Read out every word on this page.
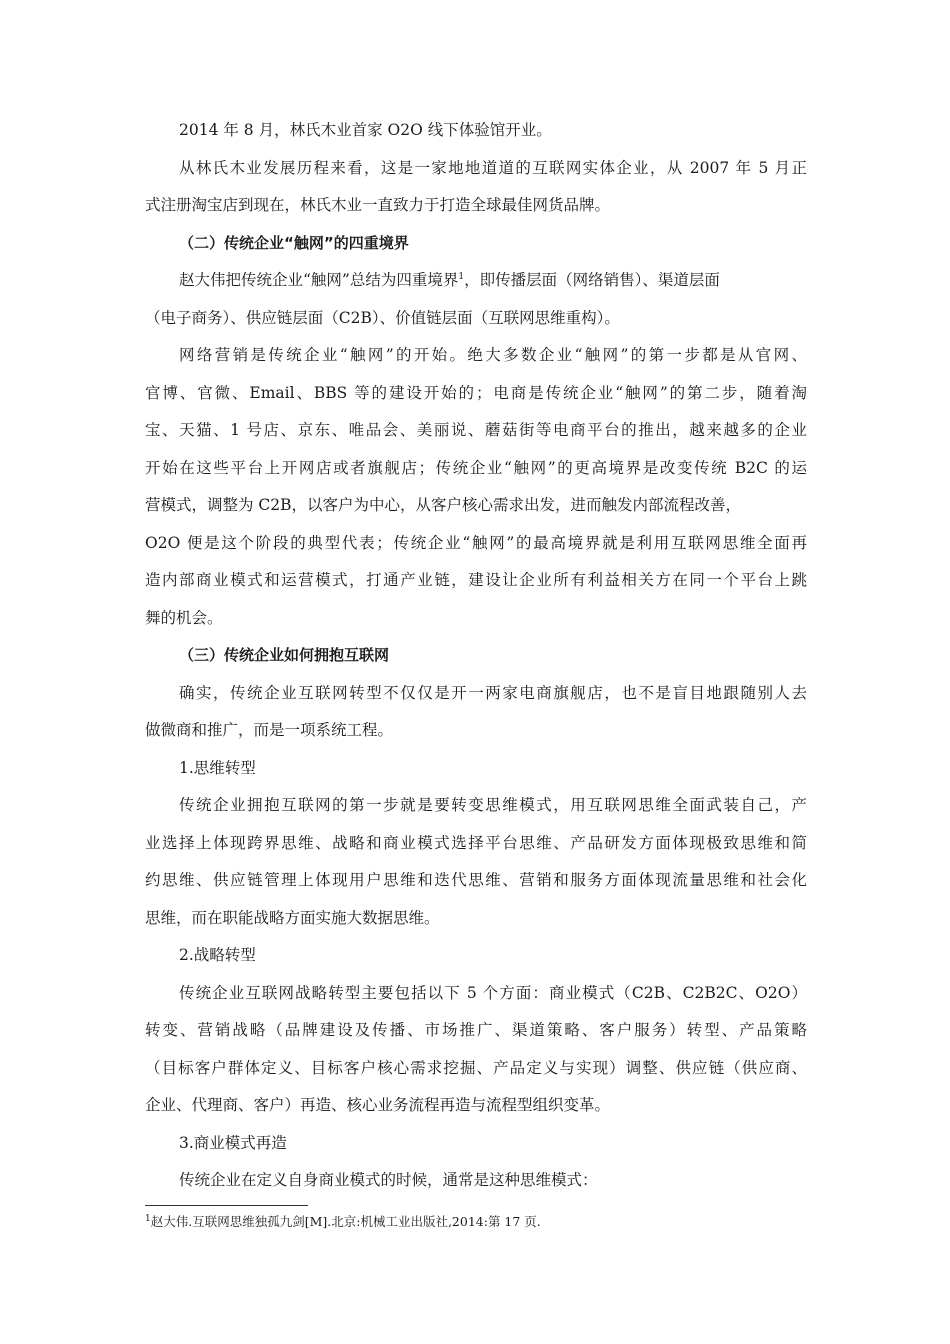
2014 年 8 月，林氏木业首家 O2O 线下体验馆开业。
从林氏木业发展历程来看，这是一家地地道道的互联网实体企业，从 2007 年 5 月正
式注册淘宝店到现在，林氏木业一直致力于打造全球最佳网货品牌。
（二）传统企业“触网”的四重境界
赵大伟把传统企业“触网”总结为四重境界$^1$，即传播层面（网络销售）、渠道层面
（电子商务）、供应链层面（C2B）、价值链层面（互联网思维重构）。
网络营销是传统企业“触网”的开始。绝大多数企业“触网”的第一步都是从官网、
官博、官微、Email、BBS 等的建设开始的；电商是传统企业“触网”的第二步，随着淘
宝、天猫、1 号店、京东、唯品会、美丽说、蘑菇街等电商平台的推出，越来越多的企业
开始在这些平台上开网店或者旗舰店；传统企业“触网”的更高境界是改变传统 B2C 的运
营模式，调整为 C2B，以客户为中心，从客户核心需求出发，进而触发内部流程改善，
O2O 便是这个阶段的典型代表；传统企业“触网”的最高境界就是利用互联网思维全面再
造内部商业模式和运营模式，打通产业链，建设让企业所有利益相关方在同一个平台上跳
舞的机会。
（三）传统企业如何拥抱互联网
确实，传统企业互联网转型不仅仅是开一两家电商旗舰店，也不是盲目地跟随别人去
做微商和推广，而是一项系统工程。
1.思维转型
传统企业拥抱互联网的第一步就是要转变思维模式，用互联网思维全面武装自己，产
业选择上体现跨界思维、战略和商业模式选择平台思维、产品研发方面体现极致思维和简
约思维、供应链管理上体现用户思维和迭代思维、营销和服务方面体现流量思维和社会化
思维，而在职能战略方面实施大数据思维。
2.战略转型
传统企业互联网战略转型主要包括以下 5 个方面：商业模式（C2B、C2B2C、O2O）
转变、营销战略（品牌建设及传播、市场推广、渠道策略、客户服务）转型、产品策略
（目标客户群体定义、目标客户核心需求挖掘、产品定义与实现）调整、供应链（供应商、
企业、代理商、客户）再造、核心业务流程再造与流程型组织变革。
3.商业模式再造
传统企业在定义自身商业模式的时候，通常是这种思维模式：
$^1$赵大伟.互联网思维独孤九剑[M].北京:机械工业出版社,2014:第 17 页.
